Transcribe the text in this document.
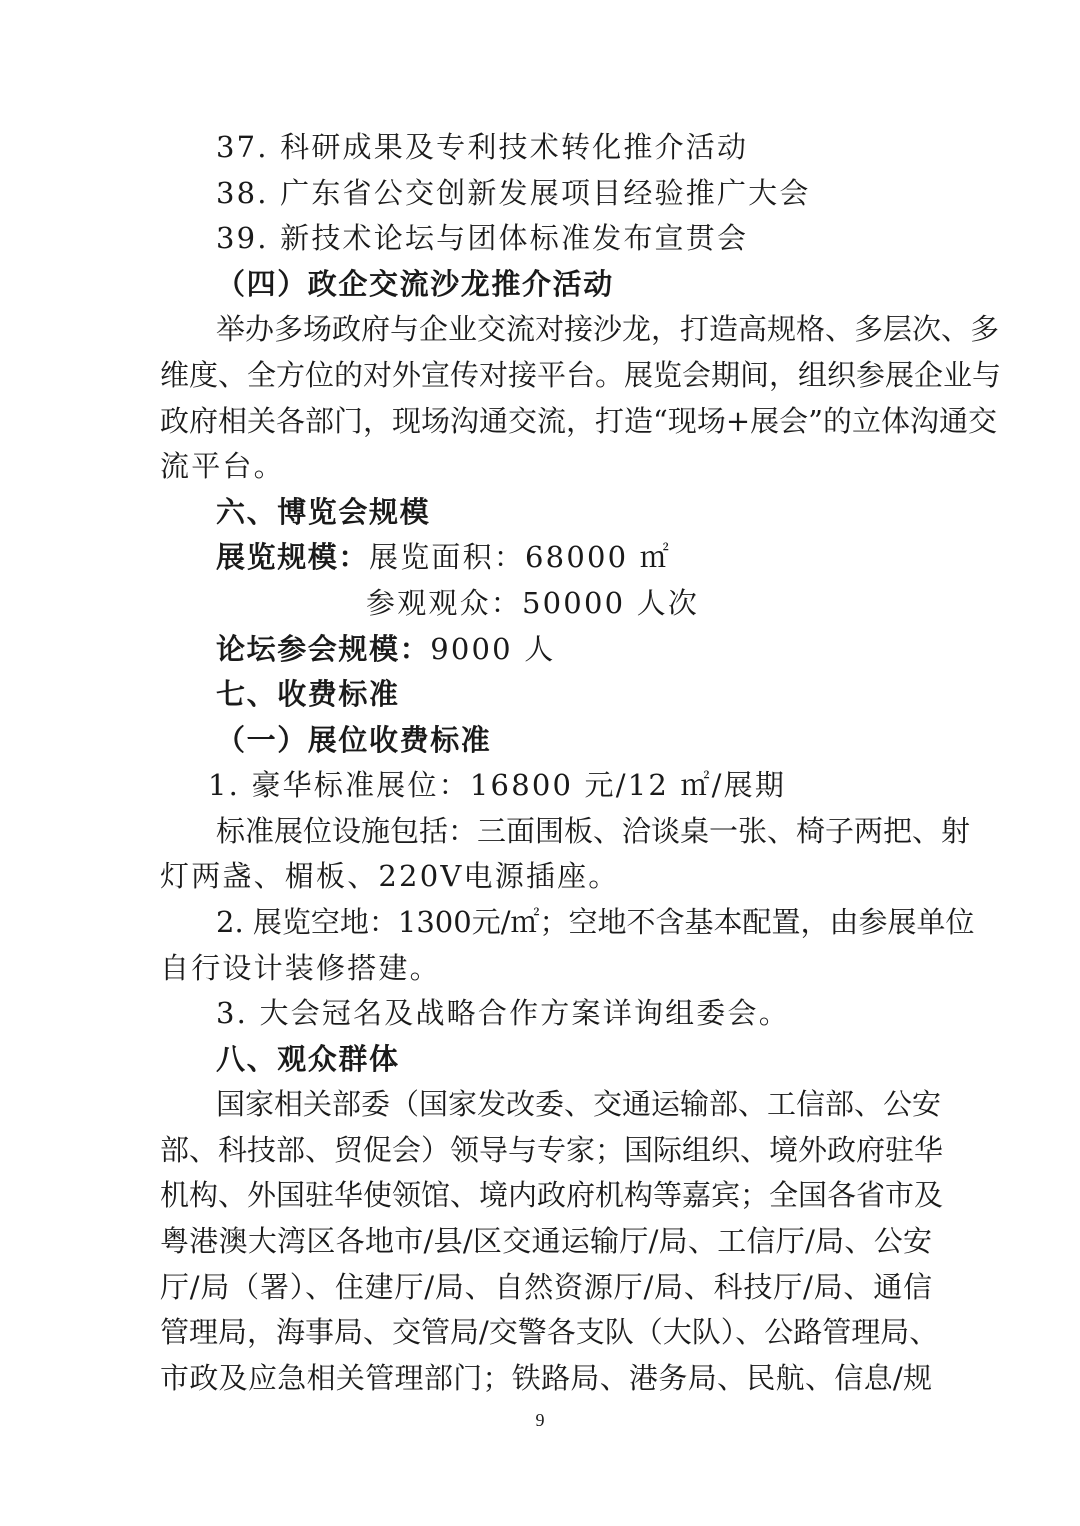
37. 科研成果及专利技术转化推介活动
38. 广东省公交创新发展项目经验推广大会
39. 新技术论坛与团体标准发布宣贯会
（四）政企交流沙龙推介活动
举办多场政府与企业交流对接沙龙，打造高规格、多层次、多
维度、全方位的对外宣传对接平台。展览会期间，组织参展企业与
政府相关各部门，现场沟通交流，打造“现场+展会”的立体沟通交
流平台。
六、博览会规模
展览规模：展览面积：68000 ㎡
参观观众：50000 人次
论坛参会规模：9000 人
七、收费标准
（一）展位收费标准
1. 豪华标准展位：16800 元/12 ㎡/展期
标准展位设施包括：三面围板、洽谈桌一张、椅子两把、射
灯两盏、楣板、220V电源插座。
2. 展览空地：1300元/㎡；空地不含基本配置，由参展单位
自行设计装修搭建。
3. 大会冠名及战略合作方案详询组委会。
八、观众群体
国家相关部委（国家发改委、交通运输部、工信部、公安
部、科技部、贸促会）领导与专家；国际组织、境外政府驻华
机构、外国驻华使领馆、境内政府机构等嘉宾；全国各省市及
粤港澳大湾区各地市/县/区交通运输厅/局、工信厅/局、公安
厅/局（署）、住建厅/局、自然资源厅/局、科技厅/局、通信
管理局，海事局、交管局/交警各支队（大队）、公路管理局、
市政及应急相关管理部门；铁路局、港务局、民航、信息/规
9
